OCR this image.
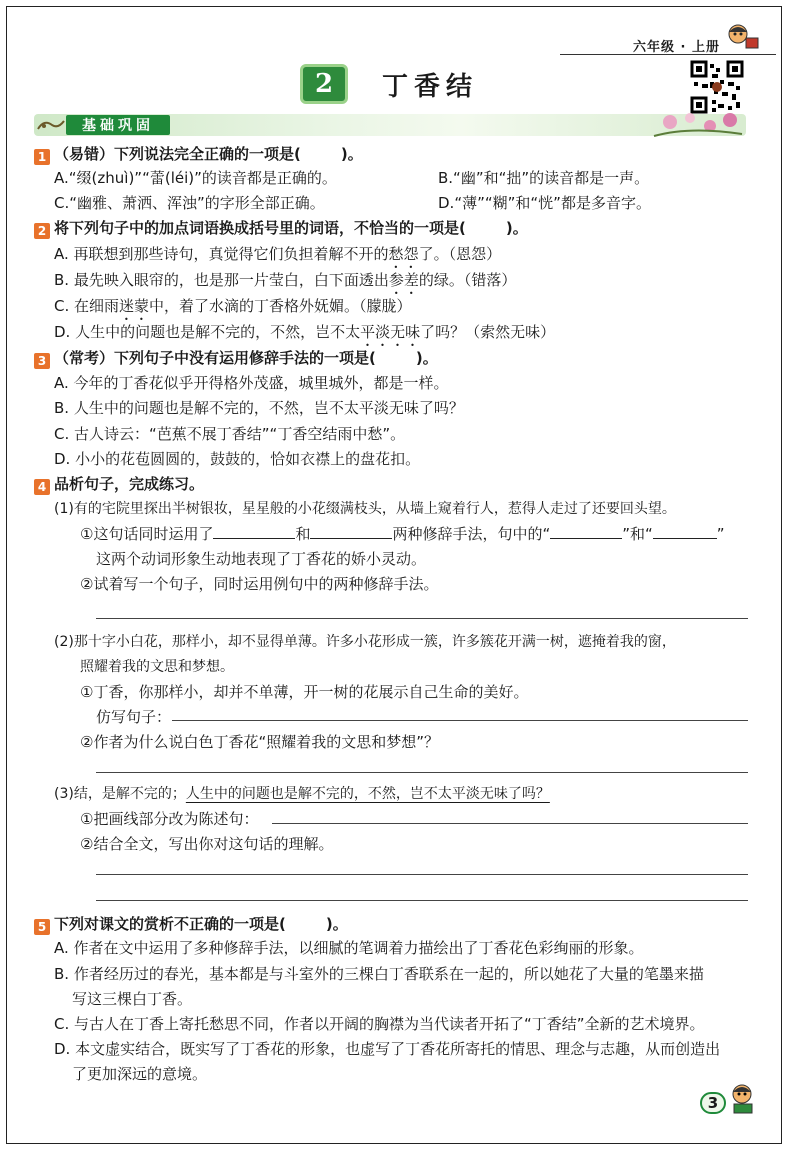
六年级 · 上册
2	丁香结
基础巩固
1 （易错）下列说法完全正确的一项是(	)。
A.“缀(zhuì)”“蕾(léi)”的读音都是正确的。	B.“幽”和“拙”的读音都是一声。
C.“幽雅、萧洒、浑浊”的字形全部正确。	D.“薄”“糊”和“恍”都是多音字。
2 将下列句子中的加点词语换成括号里的词语，不恰当的一项是(	)。
A. 再联想到那些诗句，真觉得它们负担着解不开的愁怨了。（恩怨）
B. 最先映入眼帘的，也是那一片莹白，白下面透出参差的绿。（错落）
C. 在细雨迷蒙中，着了水滴的丁香格外妩媚。（朦胧）
D. 人生中的问题也是解不完的，不然，岂不太平淡无味了吗？（索然无味）
3 （常考）下列句子中没有运用修辞手法的一项是(	)。
A. 今年的丁香花似乎开得格外茂盛，城里城外，都是一样。
B. 人生中的问题也是解不完的，不然，岂不太平淡无味了吗？
C. 古人诗云：“芭蕉不展丁香结”“丁香空结雨中愁”。
D. 小小的花苞圆圆的，鼓鼓的，恰如衣襟上的盘花扣。
4 品析句子，完成练习。
(1)有的宅院里探出半树银妆，星星般的小花缀满枝头，从墙上窥着行人，惹得人走过了还要回头望。
①这句话同时运用了	和	两种修辞手法，句中的“	”和“	”
这两个动词形象生动地表现了丁香花的娇小灵动。
②试着写一个句子，同时运用例句中的两种修辞手法。
(2)那十字小白花，那样小，却不显得单薄。许多小花形成一簇，许多簇花开满一树，遮掩着我的窗，
照耀着我的文思和梦想。
①丁香，你那样小，却并不单薄，开一树的花展示自己生命的美好。
仿写句子：
②作者为什么说白色丁香花“照耀着我的文思和梦想”？
(3)结，是解不完的；人生中的问题也是解不完的，不然，岂不太平淡无味了吗？
①把画线部分改为陈述句：
②结合全文，写出你对这句话的理解。
5 下列对课文的赏析不正确的一项是(	)。
A. 作者在文中运用了多种修辞手法，以细腻的笔调着力描绘出了丁香花色彩绚丽的形象。
B. 作者经历过的春光，基本都是与斗室外的三棵白丁香联系在一起的，所以她花了大量的笔墨来描
写这三棵白丁香。
C. 与古人在丁香上寄托愁思不同，作者以开阔的胸襟为当代读者开拓了“丁香结”全新的艺术境界。
D. 本文虚实结合，既实写了丁香花的形象，也虚写了丁香花所寄托的情思、理念与志趣，从而创造出
了更加深远的意境。
3
